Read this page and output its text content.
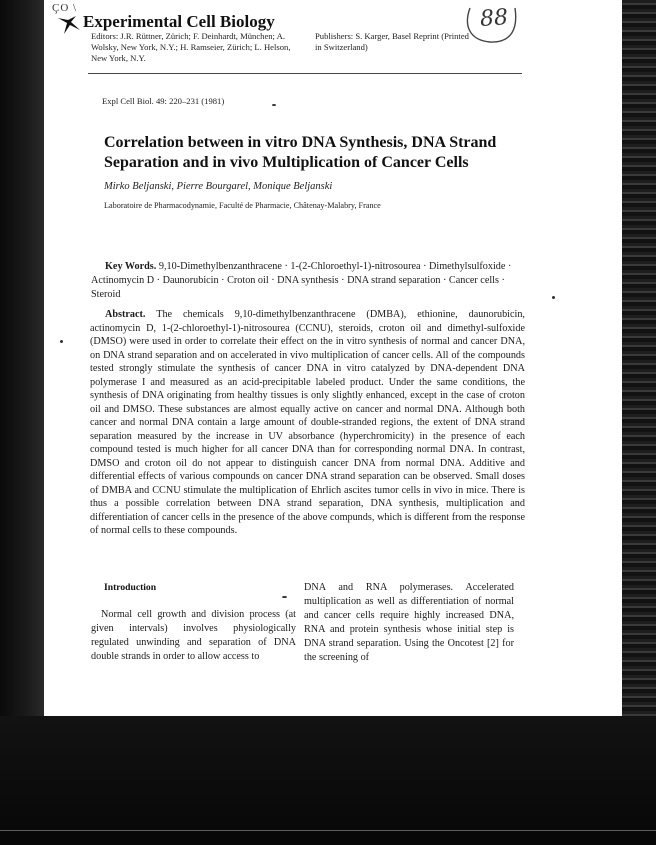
ÇO \
Experimental Cell Biology
Editors: J.R. Rüttner, Zürich; F. Deinhardt, München; A. Wolsky, New York, N.Y.; H. Ramseier, Zürich; L. Helson, New York, N.Y.
Publishers: S. Karger, Basel Reprint (Printed in Switzerland)
88
Expl Cell Biol. 49: 220–231 (1981)
Correlation between in vitro DNA Synthesis, DNA Strand Separation and in vivo Multiplication of Cancer Cells
Mirko Beljanski, Pierre Bourgarel, Monique Beljanski
Laboratoire de Pharmacodynamie, Faculté de Pharmacie, Châtenay-Malabry, France
Key Words. 9,10-Dimethylbenzanthracene · 1-(2-Chloroethyl-1)-nitrosourea · Dimethylsulfoxide · Actinomycin D · Daunorubicin · Croton oil · DNA synthesis · DNA strand separation · Cancer cells · Steroid
Abstract. The chemicals 9,10-dimethylbenzanthracene (DMBA), ethionine, daunorubicin, actinomycin D, 1-(2-chloroethyl-1)-nitrosourea (CCNU), steroids, croton oil and dimethyl-sulfoxide (DMSO) were used in order to correlate their effect on the in vitro synthesis of normal and cancer DNA, on DNA strand separation and on accelerated in vivo multiplication of cancer cells. All of the compounds tested strongly stimulate the synthesis of cancer DNA in vitro catalyzed by DNA-dependent DNA polymerase I and measured as an acid-precipitable labeled product. Under the same conditions, the synthesis of DNA originating from healthy tissues is only slightly enhanced, except in the case of croton oil and DMSO. These substances are almost equally active on cancer and normal DNA. Although both cancer and normal DNA contain a large amount of double-stranded regions, the extent of DNA strand separation measured by the increase in UV absorbance (hyperchromicity) in the presence of each compound tested is much higher for all cancer DNA than for corresponding normal DNA. In contrast, DMSO and croton oil do not appear to distinguish cancer DNA from normal DNA. Additive and differential effects of various compounds on cancer DNA strand separation can be observed. Small doses of DMBA and CCNU stimulate the multiplication of Ehrlich ascites tumor cells in vivo in mice. There is thus a possible correlation between DNA strand separation, DNA synthesis, multiplication and differentiation of cancer cells in the presence of the above compunds, which is different from the response of normal cells to these compounds.
Introduction
Normal cell growth and division process (at given intervals) involves physiologically regulated unwinding and separation of DNA double strands in order to allow access to
DNA and RNA polymerases. Accelerated multiplication as well as differentiation of normal and cancer cells require highly increased DNA, RNA and protein synthesis whose initial step is DNA strand separation. Using the Oncotest [2] for the screening of
